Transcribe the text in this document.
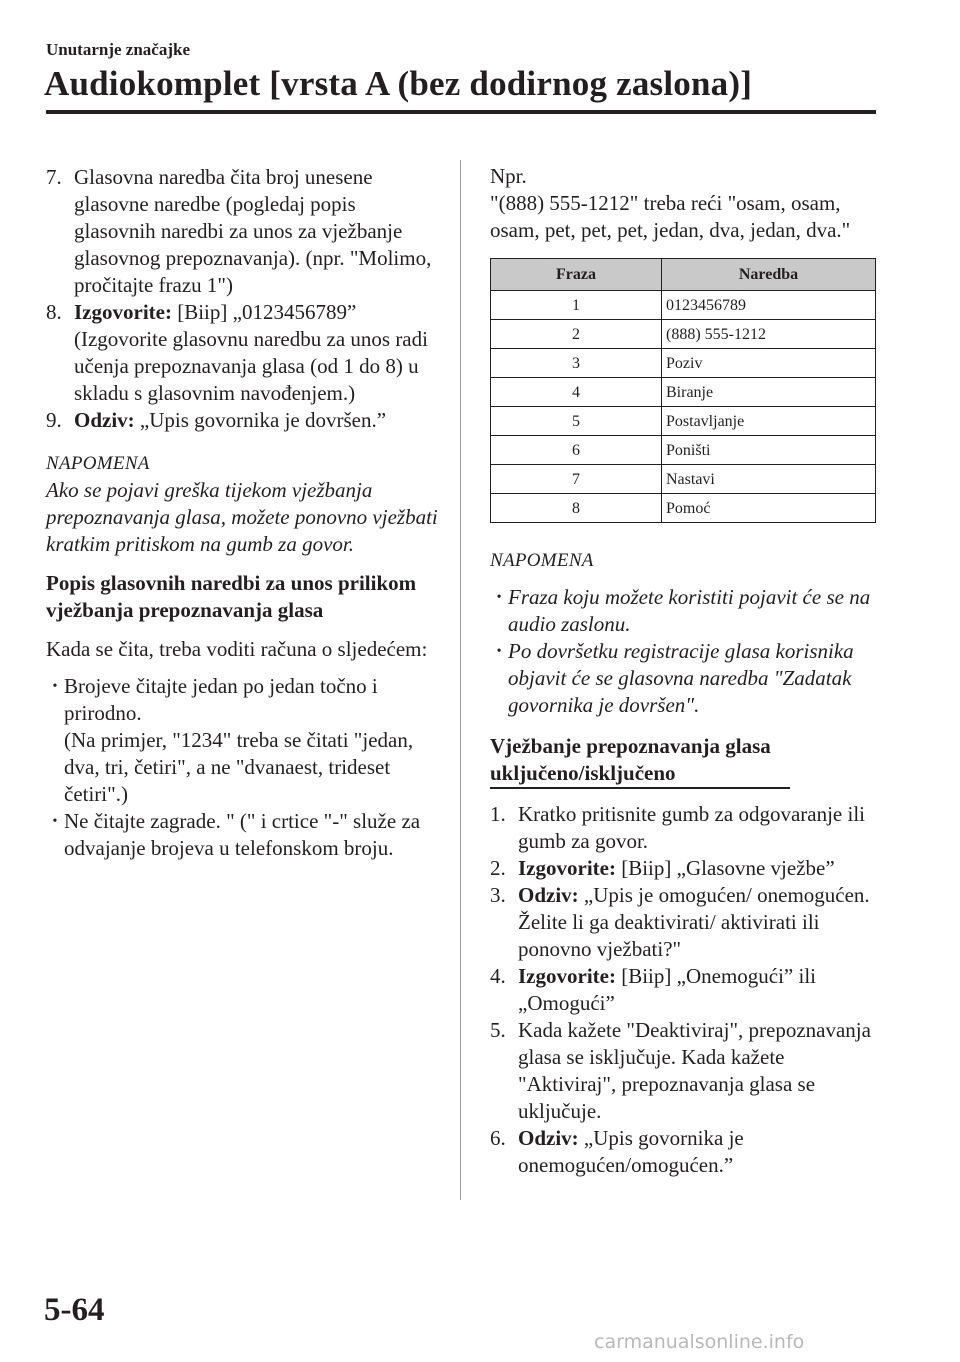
Unutarnje značajke
Audiokomplet [vrsta A (bez dodirnog zaslona)]
7. Glasovna naredba čita broj unesene glasovne naredbe (pogledaj popis glasovnih naredbi za unos za vježbanje glasovnog prepoznavanja). (npr. "Molimo, pročitajte frazu 1")
8. Izgovorite: [Biip] „0123456789” (Izgovorite glasovnu naredbu za unos radi učenja prepoznavanja glasa (od 1 do 8) u skladu s glasovnim navođenjem.)
9. Odziv: „Upis govornika je dovršen.”
NAPOMENA
Ako se pojavi greška tijekom vježbanja prepoznavanja glasa, možete ponovno vježbati kratkim pritiskom na gumb za govor.
Popis glasovnih naredbi za unos prilikom vježbanja prepoznavanja glasa
Kada se čita, treba voditi računa o sljedećem:
• Brojeve čitajte jedan po jedan točno i prirodno.
(Na primjer, "1234" treba se čitati "jedan, dva, tri, četiri", a ne "dvanaest, trideset četiri".)
• Ne čitajte zagrade. " (" i crtice "-" služe za odvajanje brojeva u telefonskom broju.
Npr.
"(888) 555-1212" treba reći "osam, osam, osam, pet, pet, pet, jedan, dva, jedan, dva."
Fraza	Naredba
1	0123456789
2	(888) 555-1212
3	Poziv
4	Biranje
5	Postavljanje
6	Poništi
7	Nastavi
8	Pomoć
NAPOMENA
• Fraza koju možete koristiti pojavit će se na audio zaslonu.
• Po dovršetku registracije glasa korisnika objavit će se glasovna naredba "Zadatak govornika je dovršen".
Vježbanje prepoznavanja glasa uključeno/isključeno
1. Kratko pritisnite gumb za odgovaranje ili gumb za govor.
2. Izgovorite: [Biip] „Glasovne vježbe”
3. Odziv: „Upis je omogućen/ onemogućen. Želite li ga deaktivirati/ aktivirati ili ponovno vježbati?"
4. Izgovorite: [Biip] „Onemogući” ili „Omogući”
5. Kada kažete "Deaktiviraj", prepoznavanja glasa se isključuje. Kada kažete "Aktiviraj", prepoznavanja glasa se uključuje.
6. Odziv: „Upis govornika je onemogućen/omogućen.”
5-64
carmanualsonline.info
